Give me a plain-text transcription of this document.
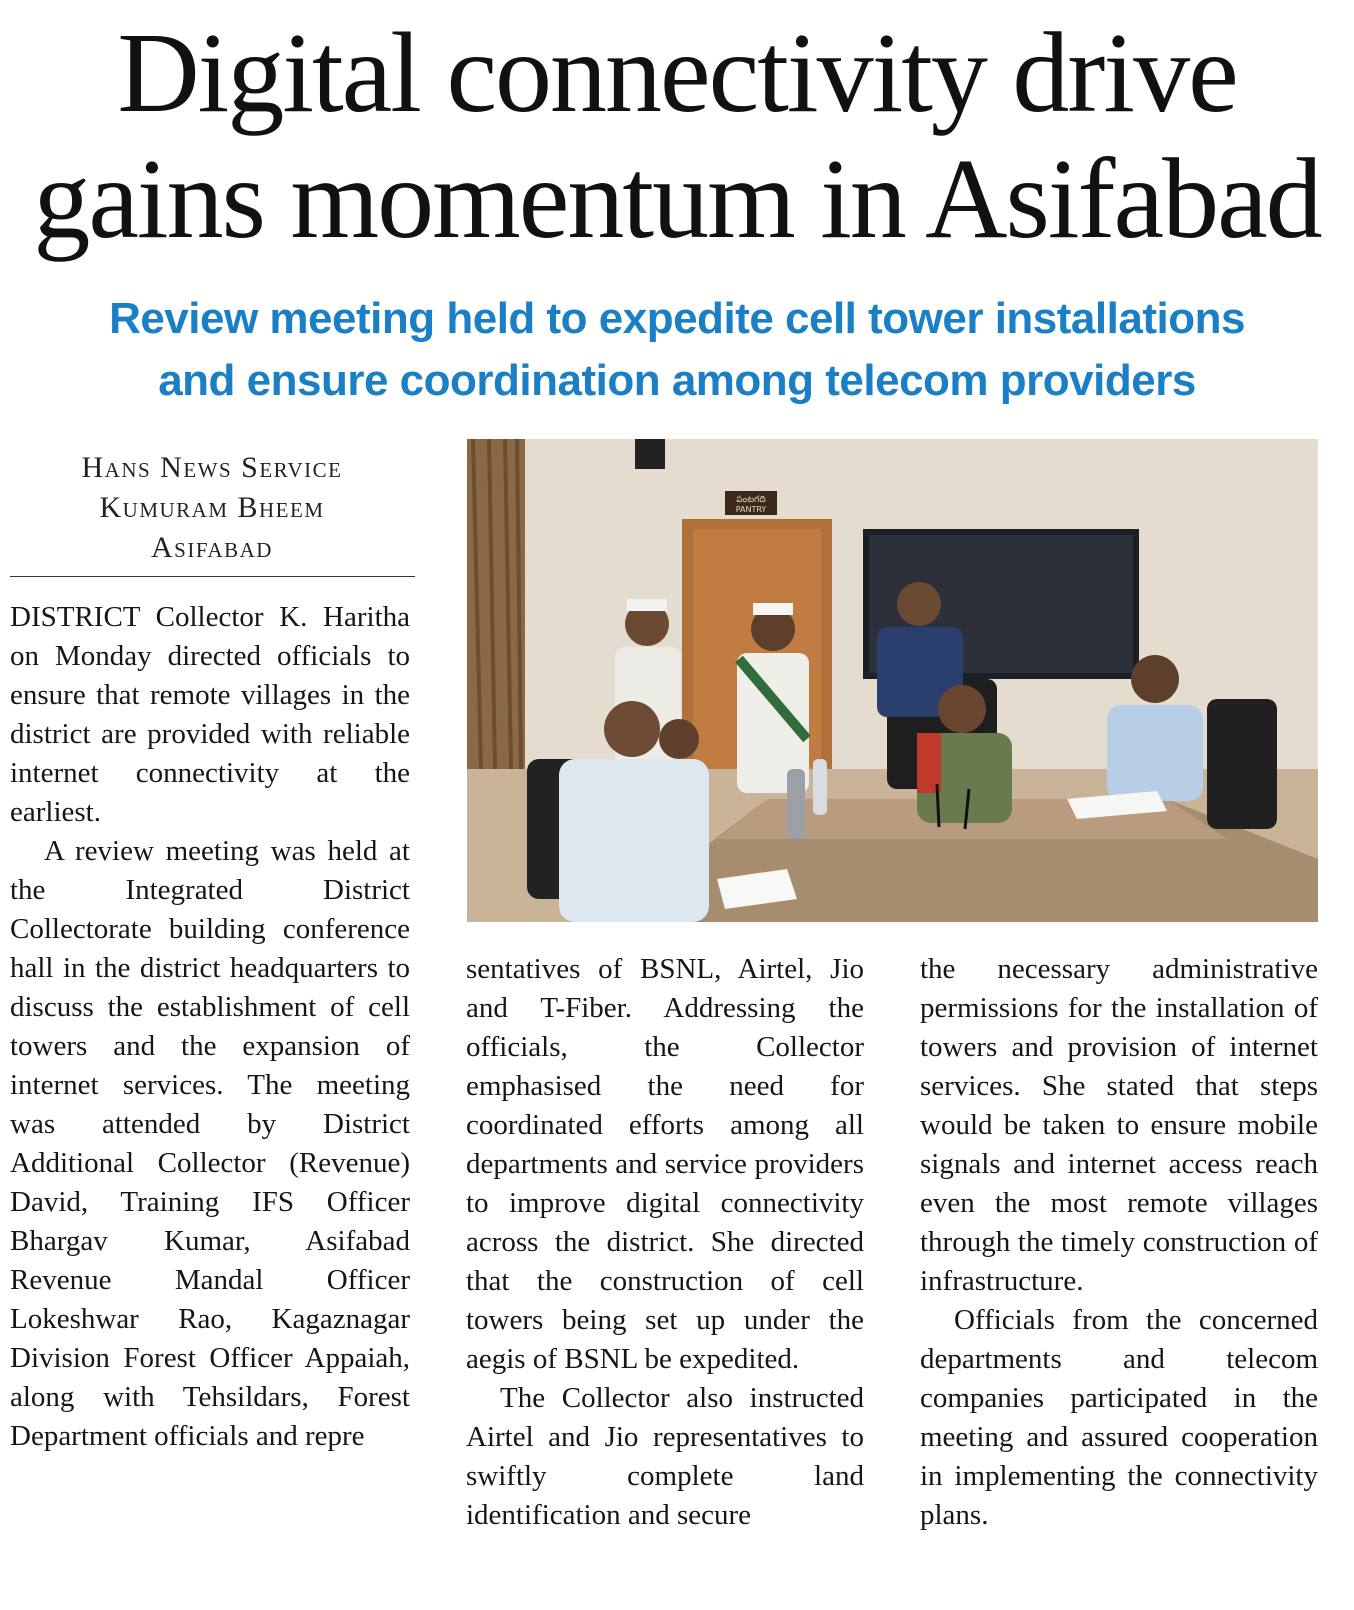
Digital connectivity drive
gains momentum in Asifabad
Review meeting held to expedite cell tower installations
and ensure coordination among telecom providers
Hans News Service
Kumuram Bheem
Asifabad
పంటగది
PANTRY

DISTRICT Collector K. Haritha on Monday directed officials to ensure that remote villages in the district are provided with reliable internet connectivity at the earliest.

A review meeting was held at the Integrated District Collectorate building conference hall in the district headquarters to discuss the establishment of cell towers and the expansion of internet services. The meeting was attended by District Additional Collector (Revenue) David, Training IFS Officer Bhargav Kumar, Asifabad Revenue Mandal Officer Lokeshwar Rao, Kagaznagar Division Forest Officer Appaiah, along with Tehsildars, Forest Department officials and repre

sentatives of BSNL, Airtel, Jio and T-Fiber. Addressing the officials, the Collector emphasised the need for coordinated efforts among all departments and service providers to improve digital connectivity across the district. She directed that the construction of cell towers being set up under the aegis of BSNL be expedited.

The Collector also instructed Airtel and Jio representatives to swiftly complete land identification and secure

the necessary administrative permissions for the installation of towers and provision of internet services. She stated that steps would be taken to ensure mobile signals and internet access reach even the most remote villages through the timely construction of infrastructure.

Officials from the concerned departments and telecom companies participated in the meeting and assured cooperation in implementing the connectivity plans.
